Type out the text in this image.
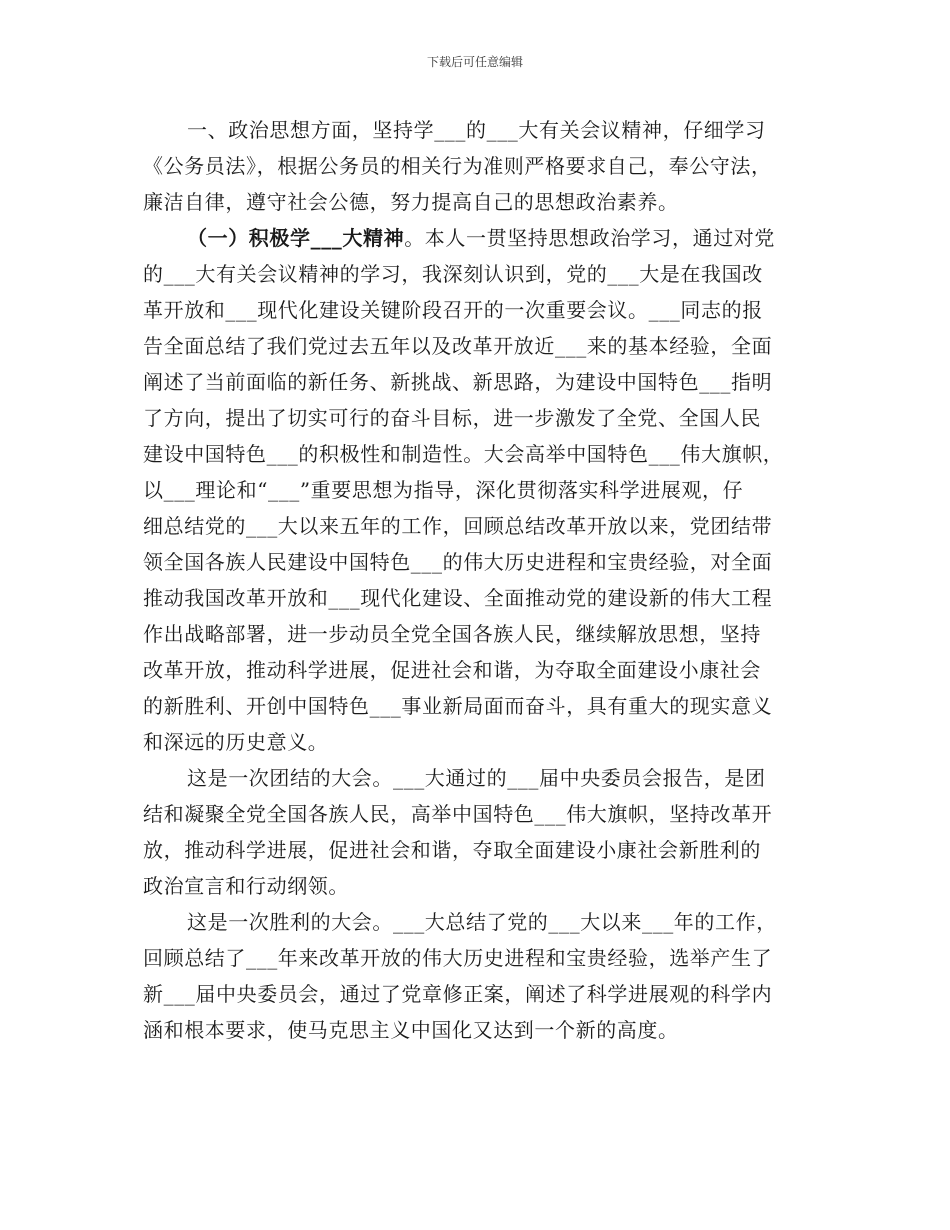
下载后可任意编辑

一、政治思想方面，坚持学___的___大有关会议精神，仔细学习
《公务员法》，根据公务员的相关行为准则严格要求自己，奉公守法，
廉洁自律，遵守社会公德，努力提高自己的思想政治素养。

（一）积极学___大精神。本人一贯坚持思想政治学习，通过对党
的___大有关会议精神的学习，我深刻认识到，党的___大是在我国改
革开放和___现代化建设关键阶段召开的一次重要会议。___同志的报
告全面总结了我们党过去五年以及改革开放近___来的基本经验，全面
阐述了当前面临的新任务、新挑战、新思路，为建设中国特色___指明
了方向，提出了切实可行的奋斗目标，进一步激发了全党、全国人民
建设中国特色___的积极性和制造性。大会高举中国特色___伟大旗帜，
以___理论和“___”重要思想为指导，深化贯彻落实科学进展观，仔
细总结党的___大以来五年的工作，回顾总结改革开放以来，党团结带
领全国各族人民建设中国特色___的伟大历史进程和宝贵经验，对全面
推动我国改革开放和___现代化建设、全面推动党的建设新的伟大工程
作出战略部署，进一步动员全党全国各族人民，继续解放思想，坚持
改革开放，推动科学进展，促进社会和谐，为夺取全面建设小康社会
的新胜利、开创中国特色___事业新局面而奋斗，具有重大的现实意义
和深远的历史意义。

这是一次团结的大会。___大通过的___届中央委员会报告，是团
结和凝聚全党全国各族人民，高举中国特色___伟大旗帜，坚持改革开
放，推动科学进展，促进社会和谐，夺取全面建设小康社会新胜利的
政治宣言和行动纲领。

这是一次胜利的大会。___大总结了党的___大以来___年的工作，
回顾总结了___年来改革开放的伟大历史进程和宝贵经验，选举产生了
新___届中央委员会，通过了党章修正案，阐述了科学进展观的科学内
涵和根本要求，使马克思主义中国化又达到一个新的高度。
